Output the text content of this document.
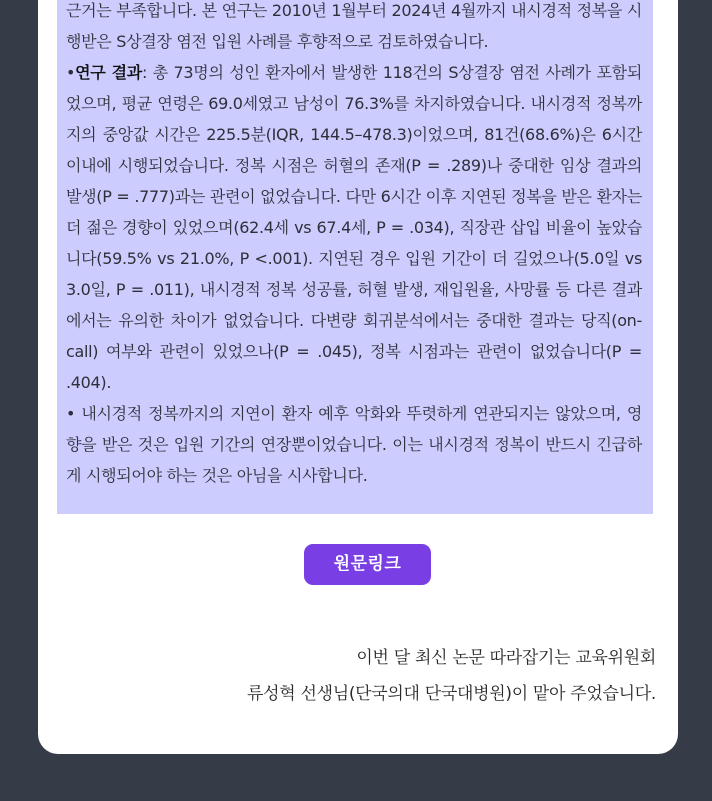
근거는 부족합니다. 본 연구는 2010년 1월부터 2024년 4월까지 내시경적 정복을 시행받은 S상결장 염전 입원 사례를 후향적으로 검토하였습니다.

•연구 결과: 총 73명의 성인 환자에서 발생한 118건의 S상결장 염전 사례가 포함되었으며, 평균 연령은 69.0세였고 남성이 76.3%를 차지하였습니다. 내시경적 정복까지의 중앙값 시간은 225.5분(IQR, 144.5–478.3)이었으며, 81건(68.6%)은 6시간 이내에 시행되었습니다. 정복 시점은 허혈의 존재(P = .289)나 중대한 임상 결과의 발생(P = .777)과는 관련이 없었습니다. 다만 6시간 이후 지연된 정복을 받은 환자는 더 젊은 경향이 있었으며(62.4세 vs 67.4세, P = .034), 직장관 삽입 비율이 높았습니다(59.5% vs 21.0%, P <.001). 지연된 경우 입원 기간이 더 길었으나(5.0일 vs 3.0일, P = .011), 내시경적 정복 성공률, 허혈 발생, 재입원율, 사망률 등 다른 결과에서는 유의한 차이가 없었습니다. 다변량 회귀분석에서는 중대한 결과는 당직(on-call) 여부와 관련이 있었으나(P = .045), 정복 시점과는 관련이 없었습니다(P = .404).

• 내시경적 정복까지의 지연이 환자 예후 악화와 뚜렷하게 연관되지는 않았으며, 영향을 받은 것은 입원 기간의 연장뿐이었습니다. 이는 내시경적 정복이 반드시 긴급하게 시행되어야 하는 것은 아님을 시사합니다.

원문링크
이번 달 최신 논문 따라잡기는 교육위원회
류성혁 선생님(단국의대 단국대병원)이 맡아 주었습니다.
